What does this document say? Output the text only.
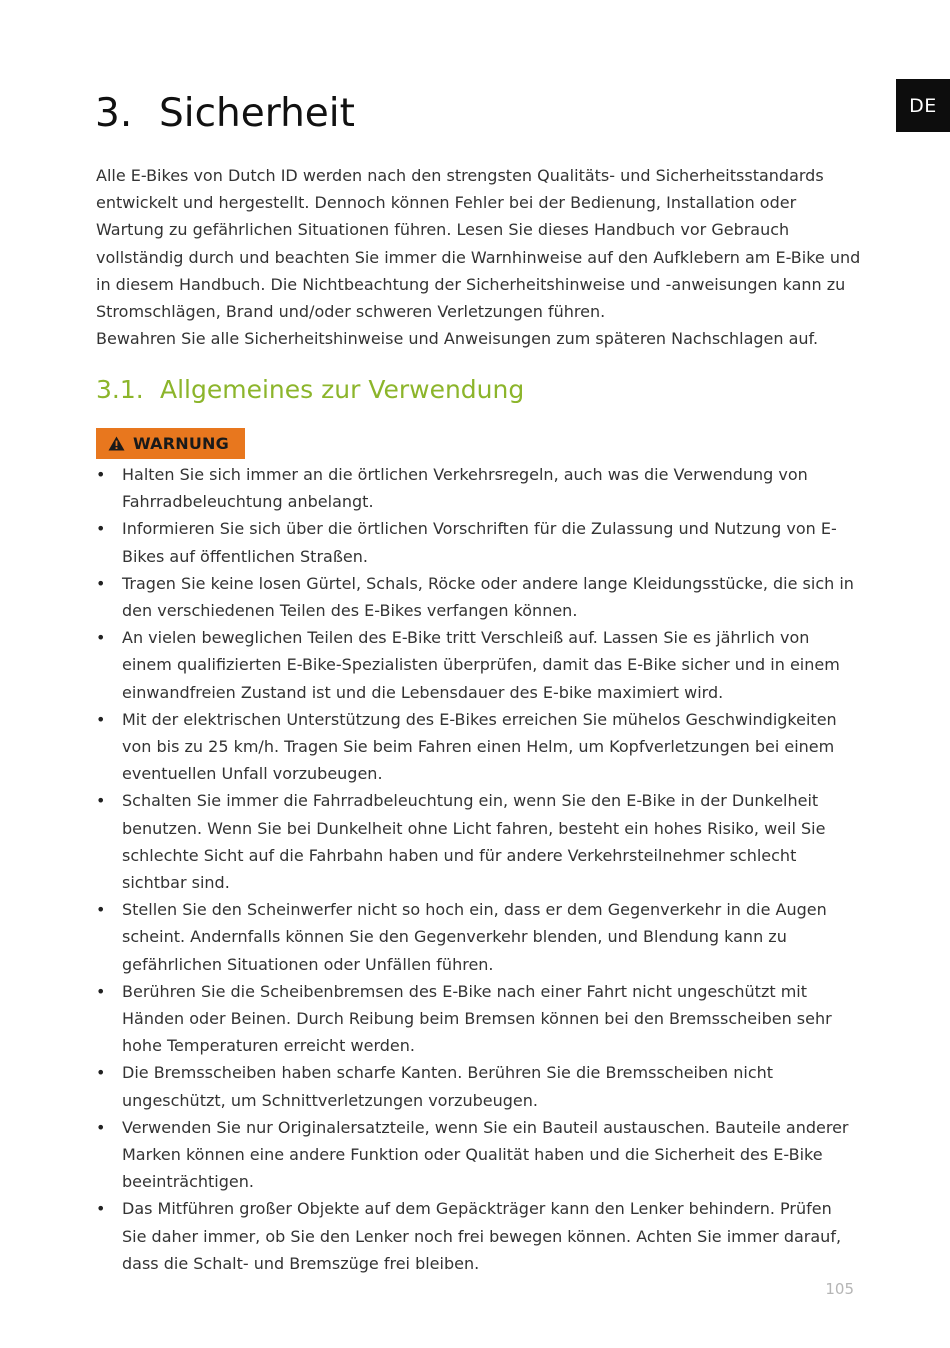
DE
3. Sicherheit

Alle E-Bikes von Dutch ID werden nach den strengsten Qualitäts- und Sicherheitsstandards entwickelt und hergestellt. Dennoch können Fehler bei der Bedienung, Installation oder Wartung zu gefährlichen Situationen führen. Lesen Sie dieses Handbuch vor Gebrauch vollständig durch und beachten Sie immer die Warnhinweise auf den Aufklebern am E-Bike und in diesem Handbuch. Die Nichtbeachtung der Sicherheitshinweise und -anweisungen kann zu Stromschlägen, Brand und/oder schweren Verletzungen führen.

Bewahren Sie alle Sicherheitshinweise und Anweisungen zum späteren Nachschlagen auf.

3.1. Allgemeines zur Verwendung
WARNUNG
• Halten Sie sich immer an die örtlichen Verkehrsregeln, auch was die Verwendung von Fahrradbeleuchtung anbelangt.
• Informieren Sie sich über die örtlichen Vorschriften für die Zulassung und Nutzung von E-Bikes auf öffentlichen Straßen.
• Tragen Sie keine losen Gürtel, Schals, Röcke oder andere lange Kleidungsstücke, die sich in den verschiedenen Teilen des E-Bikes verfangen können.
• An vielen beweglichen Teilen des E-Bike tritt Verschleiß auf. Lassen Sie es jährlich von einem qualifizierten E-Bike-Spezialisten überprüfen, damit das E-Bike sicher und in einem einwandfreien Zustand ist und die Lebensdauer des E-bike maximiert wird.
• Mit der elektrischen Unterstützung des E-Bikes erreichen Sie mühelos Geschwindigkeiten von bis zu 25 km/h. Tragen Sie beim Fahren einen Helm, um Kopfverletzungen bei einem eventuellen Unfall vorzubeugen.
• Schalten Sie immer die Fahrradbeleuchtung ein, wenn Sie den E-Bike in der Dunkelheit benutzen. Wenn Sie bei Dunkelheit ohne Licht fahren, besteht ein hohes Risiko, weil Sie schlechte Sicht auf die Fahrbahn haben und für andere Verkehrsteilnehmer schlecht sichtbar sind.
• Stellen Sie den Scheinwerfer nicht so hoch ein, dass er dem Gegenverkehr in die Augen scheint. Andernfalls können Sie den Gegenverkehr blenden, und Blendung kann zu gefährlichen Situationen oder Unfällen führen.
• Berühren Sie die Scheibenbremsen des E-Bike nach einer Fahrt nicht ungeschützt mit Händen oder Beinen. Durch Reibung beim Bremsen können bei den Bremsscheiben sehr hohe Temperaturen erreicht werden.
• Die Bremsscheiben haben scharfe Kanten. Berühren Sie die Bremsscheiben nicht ungeschützt, um Schnittverletzungen vorzubeugen.
• Verwenden Sie nur Originalersatzteile, wenn Sie ein Bauteil austauschen. Bauteile anderer Marken können eine andere Funktion oder Qualität haben und die Sicherheit des E-Bike beeinträchtigen.
• Das Mitführen großer Objekte auf dem Gepäckträger kann den Lenker behindern. Prüfen Sie daher immer, ob Sie den Lenker noch frei bewegen können. Achten Sie immer darauf, dass die Schalt- und Bremszüge frei bleiben.
105
